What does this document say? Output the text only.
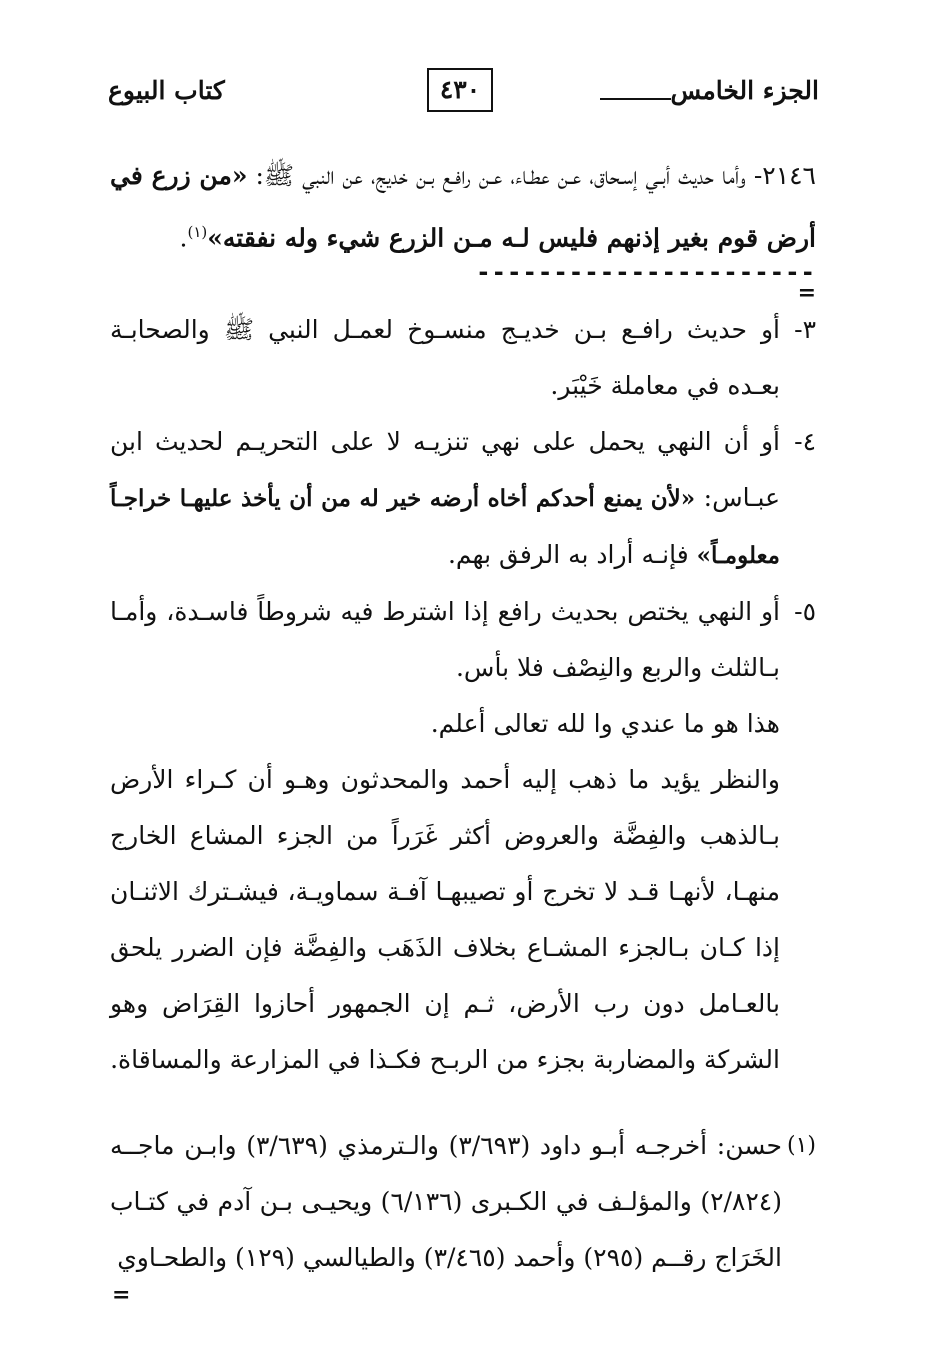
الجزء الخامس
٤٣٠
كتاب البيوع

٢١٤٦- وأما حديث أبـي إسـحاق، عـن عطـاء، عـن رافـع بـن خديج، عن النبي ﷺ: «من زرع في أرض قوم بغير إذنهم فليس لـه مـن الزرع شيء وله نفقته»$^{(١)}$.

----------------------
=
٣-

أو حديث رافـع بـن خديـج منسـوخ لعمـل النبي ﷺ والصحابـة بعـده في معاملة خَيْبَر.

٤-

أو أن النهي يحمل على نهي تنزيـه لا على التحريـم لحديث ابن عبـاس: «لأن يمنع أحدكم أخاه أرضه خير له من أن يأخذ عليهـا خراجـاً معلومـاً» فإنـه أراد به الرفق بهم.

٥-

أو النهي يختص بحديث رافع إذا اشترط فيه شروطاً فاسـدة، وأمـا بـالثلث والربع والنِصْف فلا بأس.

هذا هو ما عندي وا لله تعالى أعلم.

والنظر يؤيد ما ذهب إليه أحمد والمحدثون وهـو أن كـراء الأرض بـالذهب والفِضَّة والعروض أكثر غَرَراً من الجزء المشاع الخارج منهـا، لأنهـا قـد لا تخرج أو تصيبهـا آفـة سماويـة، فيشـترك الاثنـان إذا كـان بـالجزء المشـاع بخلاف الذَهَب والفِضَّة فإن الضرر يلحق بالعـامل دون رب الأرض، ثـم إن الجمهور أحازوا القِرَاض وهو الشركة والمضاربة بجزء من الربـح فكـذا في المزارعة والمساقاة.

(١)

حسن: أخرجـه أبـو داود (٣/٦٩٣) والـترمذي (٣/٦٣٩) وابـن ماجــه (٢/٨٢٤) والمؤلـف في الكـبرى (٦/١٣٦) ويحيـى بـن آدم في كتـاب الخَرَاج رقــم (٢٩٥) وأحمد (٣/٤٦٥) والطيالسي (١٢٩) والطحـاوي

=
